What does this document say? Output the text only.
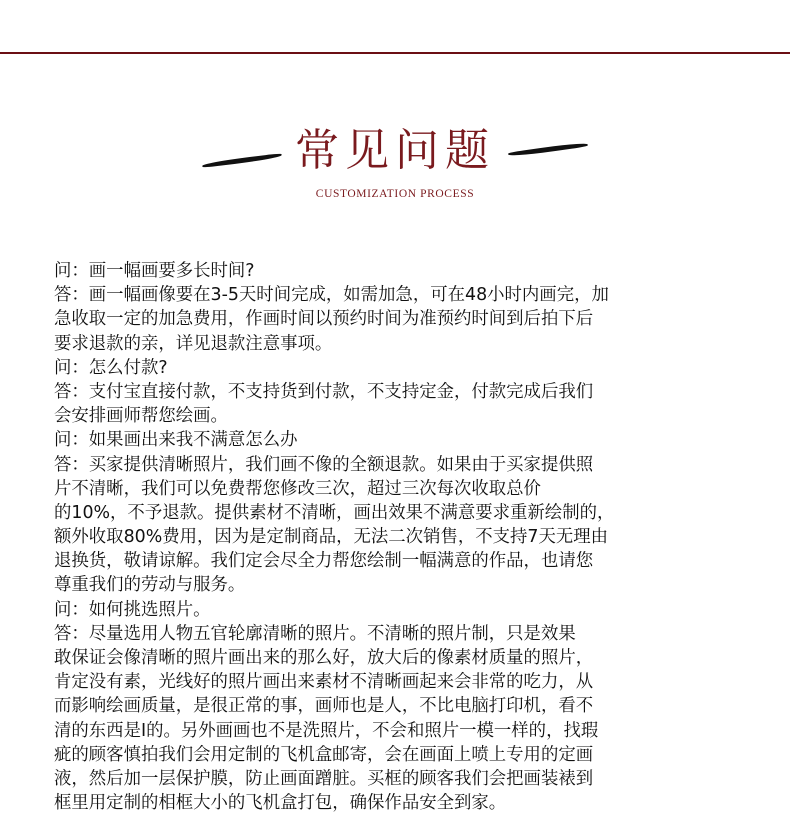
常见问题
CUSTOMIZATION PROCESS
问：画一幅画要多长时间?
答：画一幅画像要在3-5天时间完成，如需加急，可在48小时内画完，加
急收取一定的加急费用，作画时间以预约时间为准预约时间到后拍下后
要求退款的亲，详见退款注意事项。
问：怎么付款?
答：支付宝直接付款，不支持货到付款，不支持定金，付款完成后我们
会安排画师帮您绘画。
问：如果画出来我不满意怎么办
答：买家提供清晰照片，我们画不像的全额退款。如果由于买家提供照
片不清晰，我们可以免费帮您修改三次，超过三次每次收取总价
的10%，不予退款。提供素材不清晰，画出效果不满意要求重新绘制的，
额外收取80%费用，因为是定制商品，无法二次销售，不支持7天无理由
退换货，敬请谅解。我们定会尽全力帮您绘制一幅满意的作品，也请您
尊重我们的劳动与服务。
问：如何挑选照片。
答：尽量选用人物五官轮廓清晰的照片。不清晰的照片制，只是效果
敢保证会像清晰的照片画出来的那么好，放大后的像素材质量的照片，
肯定没有素，光线好的照片画出来素材不清晰画起来会非常的吃力，从
而影响绘画质量，是很正常的事，画师也是人，不比电脑打印机，看不
清的东西是I的。另外画画也不是洗照片，不会和照片一模一样的，找瑕
疵的顾客慎拍我们会用定制的飞机盒邮寄，会在画面上喷上专用的定画
液，然后加一层保护膜，防止画面蹭脏。买框的顾客我们会把画装裱到
框里用定制的相框大小的飞机盒打包，确保作品安全到家。
